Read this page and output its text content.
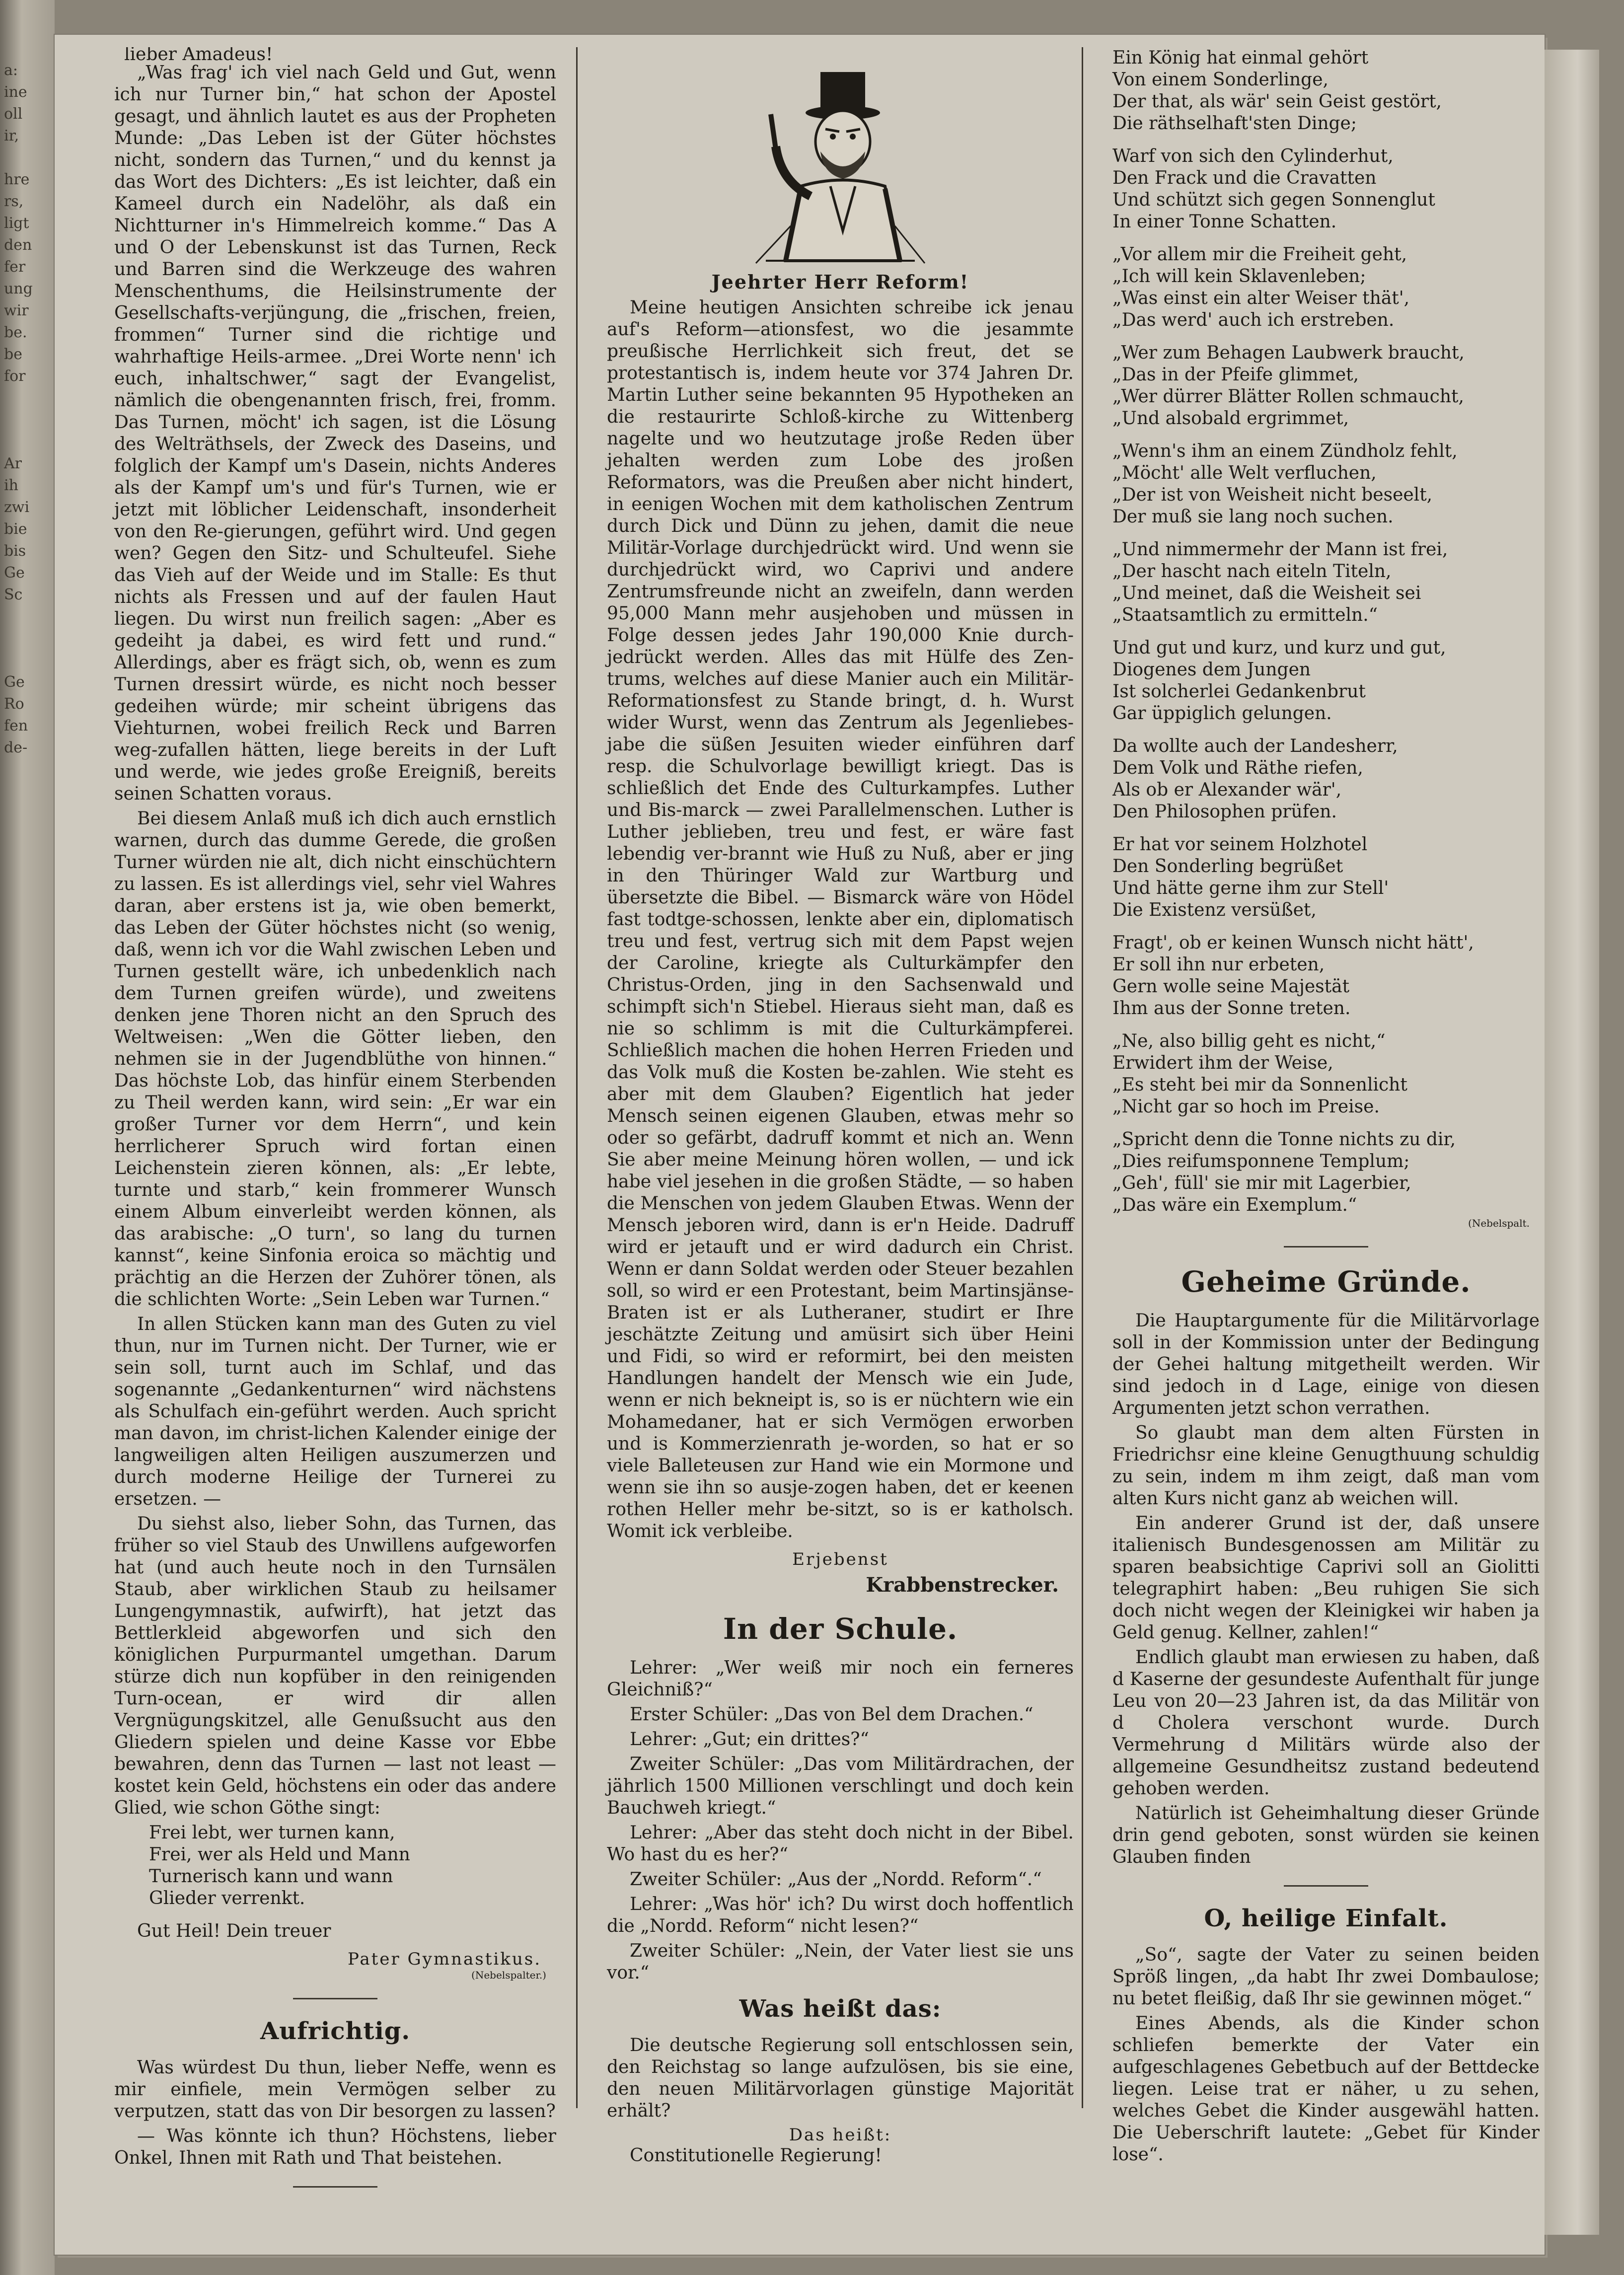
a:
ine
oll
ir,

hre
rs,
ligt
den
fer
ung
wir
be.
be
for

Ar
ih
zwi
bie
bis
Ge
Sc

Ge
Ro
fen
de-
lieber Amadeus!

„Was frag' ich viel nach Geld und Gut, wenn ich nur Turner bin,“ hat schon der Apostel gesagt, und ähnlich lautet es aus der Propheten Munde: „Das Leben ist der Güter höchstes nicht, sondern das Turnen,“ und du kennst ja das Wort des Dichters: „Es ist leichter, daß ein Kameel durch ein Nadelöhr, als daß ein Nichtturner in's Himmelreich komme.“ Das A und O der Lebenskunst ist das Turnen, Reck und Barren sind die Werkzeuge des wahren Menschenthums, die Heilsinstrumente der Gesellschafts-verjüngung, die „frischen, freien, frommen“ Turner sind die richtige und wahrhaftige Heils-armee. „Drei Worte nenn' ich euch, inhaltschwer,“ sagt der Evangelist, nämlich die obengenannten frisch, frei, fromm. Das Turnen, möcht' ich sagen, ist die Lösung des Welträthsels, der Zweck des Daseins, und folglich der Kampf um's Dasein, nichts Anderes als der Kampf um's und für's Turnen, wie er jetzt mit löblicher Leidenschaft, insonderheit von den Re-gierungen, geführt wird. Und gegen wen? Gegen den Sitz- und Schulteufel. Siehe das Vieh auf der Weide und im Stalle: Es thut nichts als Fressen und auf der faulen Haut liegen. Du wirst nun freilich sagen: „Aber es gedeiht ja dabei, es wird fett und rund.“ Allerdings, aber es frägt sich, ob, wenn es zum Turnen dressirt würde, es nicht noch besser gedeihen würde; mir scheint übrigens das Viehturnen, wobei freilich Reck und Barren weg-zufallen hätten, liege bereits in der Luft und werde, wie jedes große Ereigniß, bereits seinen Schatten voraus.

Bei diesem Anlaß muß ich dich auch ernstlich warnen, durch das dumme Gerede, die großen Turner würden nie alt, dich nicht einschüchtern zu lassen. Es ist allerdings viel, sehr viel Wahres daran, aber erstens ist ja, wie oben bemerkt, das Leben der Güter höchstes nicht (so wenig, daß, wenn ich vor die Wahl zwischen Leben und Turnen gestellt wäre, ich unbedenklich nach dem Turnen greifen würde), und zweitens denken jene Thoren nicht an den Spruch des Weltweisen: „Wen die Götter lieben, den nehmen sie in der Jugendblüthe von hinnen.“ Das höchste Lob, das hinfür einem Sterbenden zu Theil werden kann, wird sein: „Er war ein großer Turner vor dem Herrn“, und kein herrlicherer Spruch wird fortan einen Leichenstein zieren können, als: „Er lebte, turnte und starb,“ kein frommerer Wunsch einem Album einverleibt werden können, als das arabische: „O turn', so lang du turnen kannst“, keine Sinfonia eroica so mächtig und prächtig an die Herzen der Zuhörer tönen, als die schlichten Worte: „Sein Leben war Turnen.“

In allen Stücken kann man des Guten zu viel thun, nur im Turnen nicht. Der Turner, wie er sein soll, turnt auch im Schlaf, und das sogenannte „Gedankenturnen“ wird nächstens als Schulfach ein-geführt werden. Auch spricht man davon, im christ-lichen Kalender einige der langweiligen alten Heiligen auszumerzen und durch moderne Heilige der Turnerei zu ersetzen. —

Du siehst also, lieber Sohn, das Turnen, das früher so viel Staub des Unwillens aufgeworfen hat (und auch heute noch in den Turnsälen Staub, aber wirklichen Staub zu heilsamer Lungengymnastik, aufwirft), hat jetzt das Bettlerkleid abgeworfen und sich den königlichen Purpurmantel umgethan. Darum stürze dich nun kopfüber in den reinigenden Turn-ocean, er wird dir allen Vergnügungskitzel, alle Genußsucht aus den Gliedern spielen und deine Kasse vor Ebbe bewahren, denn das Turnen — last not least — kostet kein Geld, höchstens ein oder das andere Glied, wie schon Göthe singt:

Frei lebt, wer turnen kann,
Frei, wer als Held und Mann
Turnerisch kann und wann
Glieder verrenkt.

Gut Heil! Dein treuer

Pater Gymnastikus.
(Nebelspalter.)
Aufrichtig.

Was würdest Du thun, lieber Neffe, wenn es mir einfiele, mein Vermögen selber zu verputzen, statt das von Dir besorgen zu lassen?

— Was könnte ich thun? Höchstens, lieber Onkel, Ihnen mit Rath und That beistehen.

Jeehrter Herr Reform!

Meine heutigen Ansichten schreibe ick jenau auf's Reform—ationsfest, wo die jesammte preußische Herrlichkeit sich freut, det se protestantisch is, indem heute vor 374 Jahren Dr. Martin Luther seine bekannten 95 Hypotheken an die restaurirte Schloß-kirche zu Wittenberg nagelte und wo heutzutage jroße Reden über jehalten werden zum Lobe des jroßen Reformators, was die Preußen aber nicht hindert, in eenigen Wochen mit dem katholischen Zentrum durch Dick und Dünn zu jehen, damit die neue Militär-Vorlage durchjedrückt wird. Und wenn sie durchjedrückt wird, wo Caprivi und andere Zentrumsfreunde nicht an zweifeln, dann werden 95,000 Mann mehr ausjehoben und müssen in Folge dessen jedes Jahr 190,000 Knie durch-jedrückt werden. Alles das mit Hülfe des Zen-trums, welches auf diese Manier auch ein Militär-Reformationsfest zu Stande bringt, d. h. Wurst wider Wurst, wenn das Zentrum als Jegenliebes-jabe die süßen Jesuiten wieder einführen darf resp. die Schulvorlage bewilligt kriegt. Das is schließlich det Ende des Culturkampfes. Luther und Bis-marck — zwei Parallelmenschen. Luther is Luther jeblieben, treu und fest, er wäre fast lebendig ver-brannt wie Huß zu Nuß, aber er jing in den Thüringer Wald zur Wartburg und übersetzte die Bibel. — Bismarck wäre von Hödel fast todtge-schossen, lenkte aber ein, diplomatisch treu und fest, vertrug sich mit dem Papst wejen der Caroline, kriegte als Culturkämpfer den Christus-Orden, jing in den Sachsenwald und schimpft sich'n Stiebel. Hieraus sieht man, daß es nie so schlimm is mit die Culturkämpferei. Schließlich machen die hohen Herren Frieden und das Volk muß die Kosten be-zahlen. Wie steht es aber mit dem Glauben? Eigentlich hat jeder Mensch seinen eigenen Glauben, etwas mehr so oder so gefärbt, dadruff kommt et nich an. Wenn Sie aber meine Meinung hören wollen, — und ick habe viel jesehen in die großen Städte, — so haben die Menschen von jedem Glauben Etwas. Wenn der Mensch jeboren wird, dann is er'n Heide. Dadruff wird er jetauft und er wird dadurch ein Christ. Wenn er dann Soldat werden oder Steuer bezahlen soll, so wird er een Protestant, beim Martinsjänse-Braten ist er als Lutheraner, studirt er Ihre jeschätzte Zeitung und amüsirt sich über Heini und Fidi, so wird er reformirt, bei den meisten Handlungen handelt der Mensch wie ein Jude, wenn er nich bekneipt is, so is er nüchtern wie ein Mohamedaner, hat er sich Vermögen erworben und is Kommerzienrath je-worden, so hat er so viele Balleteusen zur Hand wie ein Mormone und wenn sie ihn so ausje-zogen haben, det er keenen rothen Heller mehr be-sitzt, so is er katholsch. Womit ick verbleibe.

Erjebenst
Krabbenstrecker.
In der Schule.

Lehrer: „Wer weiß mir noch ein ferneres Gleichniß?“

Erster Schüler: „Das von Bel dem Drachen.“

Lehrer: „Gut; ein drittes?“

Zweiter Schüler: „Das vom Militärdrachen, der jährlich 1500 Millionen verschlingt und doch kein Bauchweh kriegt.“

Lehrer: „Aber das steht doch nicht in der Bibel. Wo hast du es her?“

Zweiter Schüler: „Aus der „Nordd. Reform“.“

Lehrer: „Was hör' ich? Du wirst doch hoffentlich die „Nordd. Reform“ nicht lesen?“

Zweiter Schüler: „Nein, der Vater liest sie uns vor.“

Was heißt das:

Die deutsche Regierung soll entschlossen sein, den Reichstag so lange aufzulösen, bis sie eine, den neuen Militärvorlagen günstige Majorität erhält?

Das heißt:

Constitutionelle Regierung!

Ein König hat einmal gehört
Von einem Sonderlinge,
Der that, als wär' sein Geist gestört,
Die räthselhaft'sten Dinge;
Warf von sich den Cylinderhut,
Den Frack und die Cravatten
Und schützt sich gegen Sonnenglut
In einer Tonne Schatten.
„Vor allem mir die Freiheit geht,
„Ich will kein Sklavenleben;
„Was einst ein alter Weiser thät',
„Das werd' auch ich erstreben.
„Wer zum Behagen Laubwerk braucht,
„Das in der Pfeife glimmet,
„Wer dürrer Blätter Rollen schmaucht,
„Und alsobald ergrimmet,
„Wenn's ihm an einem Zündholz fehlt,
„Möcht' alle Welt verfluchen,
„Der ist von Weisheit nicht beseelt,
Der muß sie lang noch suchen.
„Und nimmermehr der Mann ist frei,
„Der hascht nach eiteln Titeln,
„Und meinet, daß die Weisheit sei
„Staatsamtlich zu ermitteln.“
Und gut und kurz, und kurz und gut,
Diogenes dem Jungen
Ist solcherlei Gedankenbrut
Gar üppiglich gelungen.
Da wollte auch der Landesherr,
Dem Volk und Räthe riefen,
Als ob er Alexander wär',
Den Philosophen prüfen.
Er hat vor seinem Holzhotel
Den Sonderling begrüßet
Und hätte gerne ihm zur Stell'
Die Existenz versüßet,
Fragt', ob er keinen Wunsch nicht hätt',
Er soll ihn nur erbeten,
Gern wolle seine Majestät
Ihm aus der Sonne treten.
„Ne, also billig geht es nicht,“
Erwidert ihm der Weise,
„Es steht bei mir da Sonnenlicht
„Nicht gar so hoch im Preise.
„Spricht denn die Tonne nichts zu dir,
„Dies reifumsponnene Templum;
„Geh', füll' sie mir mit Lagerbier,
„Das wäre ein Exemplum.“
(Nebelspalt.
Geheime Gründe.

Die Hauptargumente für die Militärvorlage soll in der Kommission unter der Bedingung der Gehei haltung mitgetheilt werden. Wir sind jedoch in d Lage, einige von diesen Argumenten jetzt schon verrathen.

So glaubt man dem alten Fürsten in Friedrichsr eine kleine Genugthuung schuldig zu sein, indem m ihm zeigt, daß man vom alten Kurs nicht ganz ab weichen will.

Ein anderer Grund ist der, daß unsere italienisch Bundesgenossen am Militär zu sparen beabsichtige Caprivi soll an Giolitti telegraphirt haben: „Beu ruhigen Sie sich doch nicht wegen der Kleinigkei wir haben ja Geld genug. Kellner, zahlen!“

Endlich glaubt man erwiesen zu haben, daß d Kaserne der gesundeste Aufenthalt für junge Leu von 20—23 Jahren ist, da das Militär von d Cholera verschont wurde. Durch Vermehrung d Militärs würde also der allgemeine Gesundheitsz zustand bedeutend gehoben werden.

Natürlich ist Geheimhaltung dieser Gründe drin gend geboten, sonst würden sie keinen Glauben finden

O, heilige Einfalt.

„So“, sagte der Vater zu seinen beiden Spröß lingen, „da habt Ihr zwei Dombaulose; nu betet fleißig, daß Ihr sie gewinnen möget.“

Eines Abends, als die Kinder schon schliefen bemerkte der Vater ein aufgeschlagenes Gebetbuch auf der Bettdecke liegen. Leise trat er näher, u zu sehen, welches Gebet die Kinder ausgewähl hatten. Die Ueberschrift lautete: „Gebet für Kinder lose“.
